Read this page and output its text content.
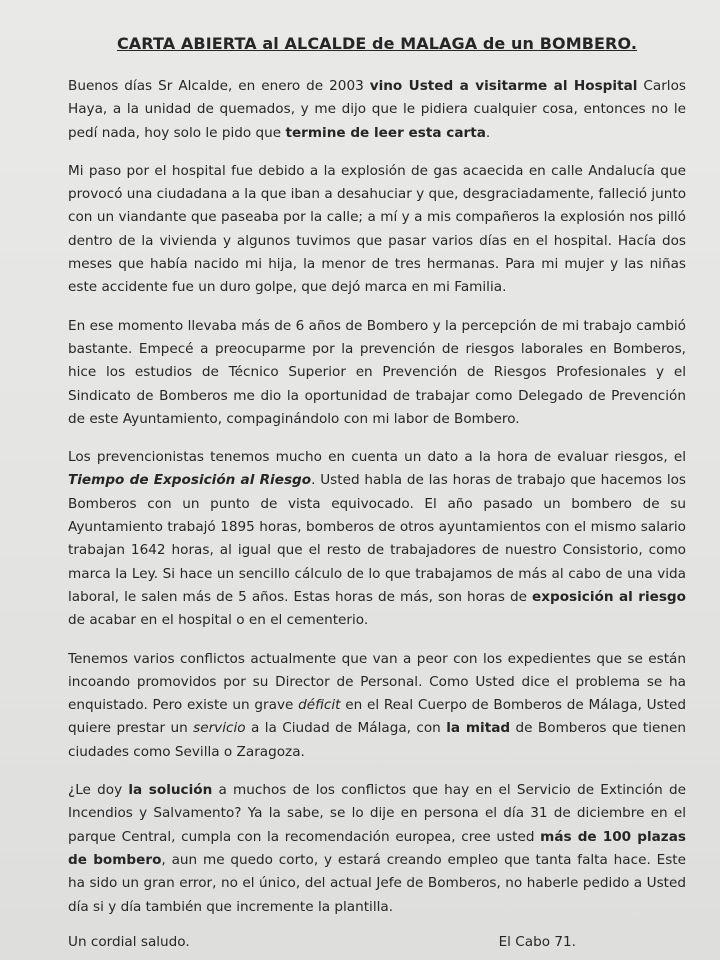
CARTA ABIERTA al ALCALDE de MALAGA de un BOMBERO.

Buenos días Sr Alcalde, en enero de 2003 vino Usted a visitarme al Hospital Carlos Haya, a la unidad de quemados, y me dijo que le pidiera cualquier cosa, entonces no le pedí nada, hoy solo le pido que termine de leer esta carta.

Mi paso por el hospital fue debido a la explosión de gas acaecida en calle Andalucía que provocó una ciudadana a la que iban a desahuciar y que, desgraciadamente, falleció junto con un viandante que paseaba por la calle; a mí y a mis compañeros la explosión nos pilló dentro de la vivienda y algunos tuvimos que pasar varios días en el hospital. Hacía dos meses que había nacido mi hija, la menor de tres hermanas. Para mi mujer y las niñas este accidente fue un duro golpe, que dejó marca en mi Familia.

En ese momento llevaba más de 6 años de Bombero y la percepción de mi trabajo cambió bastante. Empecé a preocuparme por la prevención de riesgos laborales en Bomberos, hice los estudios de Técnico Superior en Prevención de Riesgos Profesionales y el Sindicato de Bomberos me dio la oportunidad de trabajar como Delegado de Prevención de este Ayuntamiento, compaginándolo con mi labor de Bombero.

Los prevencionistas tenemos mucho en cuenta un dato a la hora de evaluar riesgos, el Tiempo de Exposición al Riesgo. Usted habla de las horas de trabajo que hacemos los Bomberos con un punto de vista equivocado. El año pasado un bombero de su Ayuntamiento trabajó 1895 horas, bomberos de otros ayuntamientos con el mismo salario trabajan 1642 horas, al igual que el resto de trabajadores de nuestro Consistorio, como marca la Ley. Si hace un sencillo cálculo de lo que trabajamos de más al cabo de una vida laboral, le salen más de 5 años. Estas horas de más, son horas de exposición al riesgo de acabar en el hospital o en el cementerio.

Tenemos varios conflictos actualmente que van a peor con los expedientes que se están incoando promovidos por su Director de Personal. Como Usted dice el problema se ha enquistado. Pero existe un grave déficit en el Real Cuerpo de Bomberos de Málaga, Usted quiere prestar un servicio a la Ciudad de Málaga, con la mitad de Bomberos que tienen ciudades como Sevilla o Zaragoza.

¿Le doy la solución a muchos de los conflictos que hay en el Servicio de Extinción de Incendios y Salvamento? Ya la sabe, se lo dije en persona el día 31 de diciembre en el parque Central, cumpla con la recomendación europea, cree usted más de 100 plazas de bombero, aun me quedo corto, y estará creando empleo que tanta falta hace. Este ha sido un gran error, no el único, del actual Jefe de Bomberos, no haberle pedido a Usted día si y día también que incremente la plantilla.

Un cordial saludo.	El Cabo 71.
